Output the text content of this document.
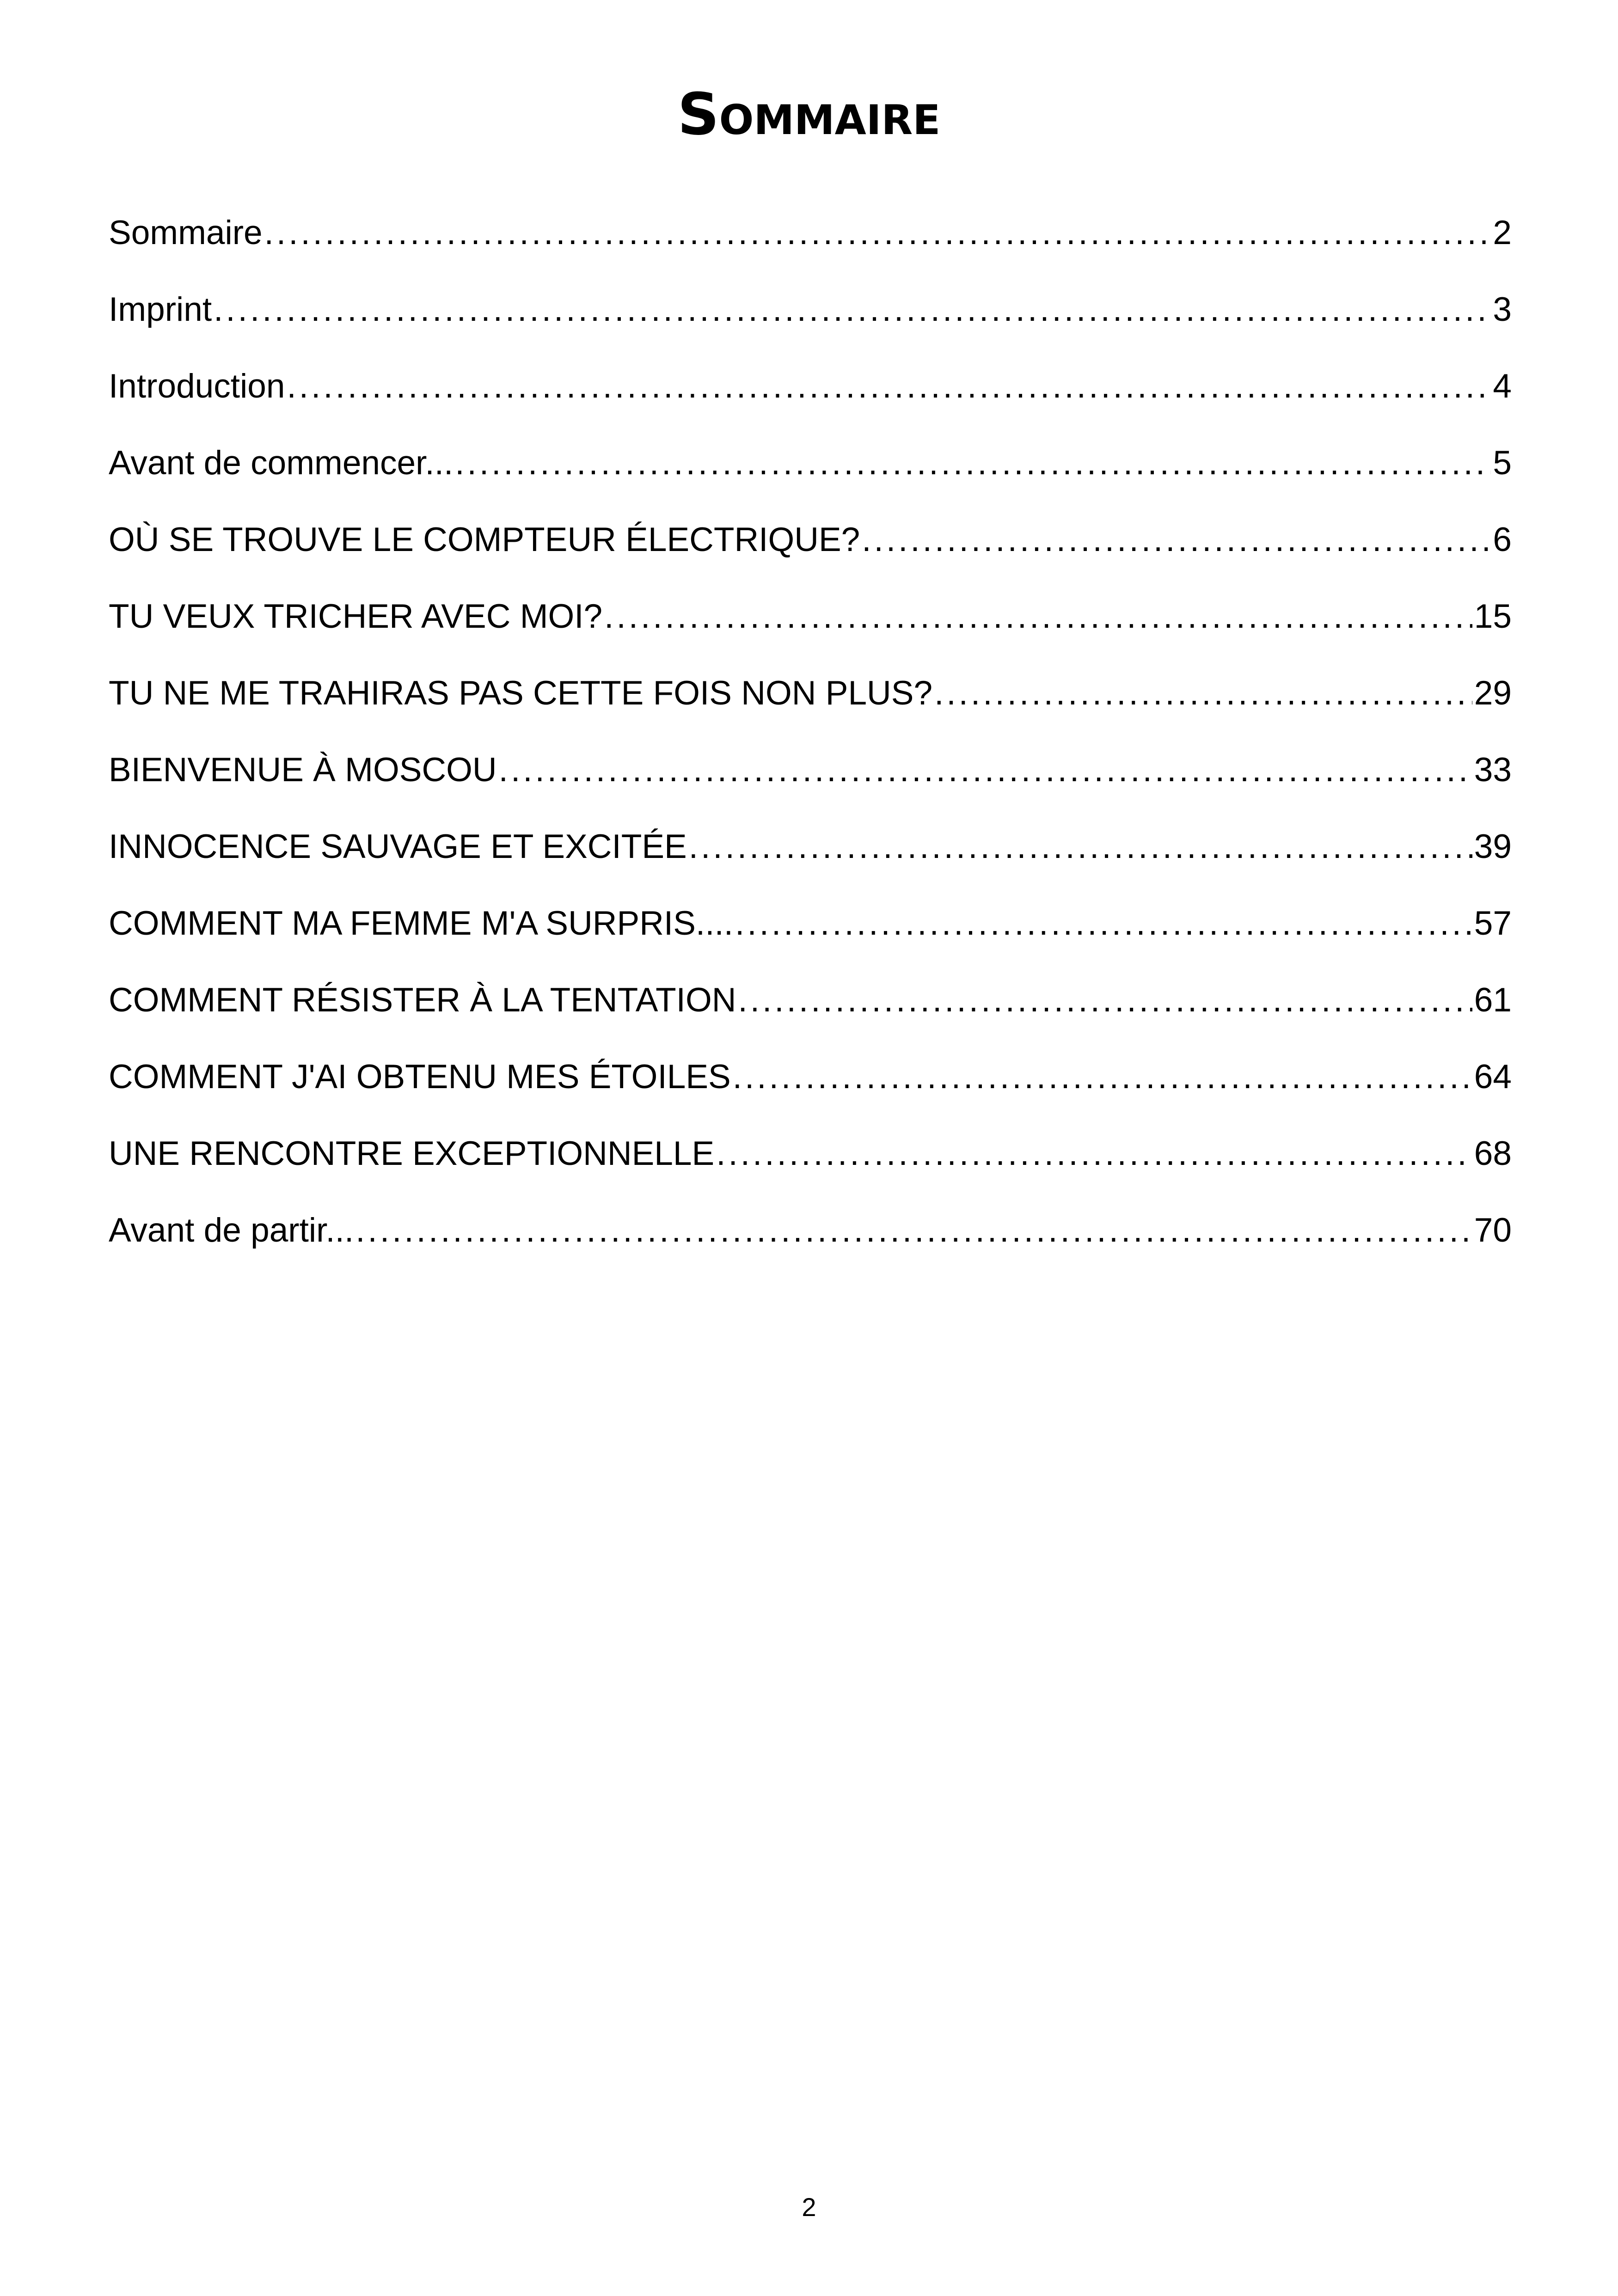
Sommaire
Sommaire .....	2
Imprint .....	3
Introduction .....	4
Avant de commencer... .....	5
OÙ SE TROUVE LE COMPTEUR ÉLECTRIQUE? .....	6
TU VEUX TRICHER AVEC MOI? .....	15
TU NE ME TRAHIRAS PAS CETTE FOIS NON PLUS? .....	29
BIENVENUE À MOSCOU .....	33
INNOCENCE SAUVAGE ET EXCITÉE .....	39
COMMENT MA FEMME M'A SURPRIS.... .....	57
COMMENT RÉSISTER À LA TENTATION .....	61
COMMENT J'AI OBTENU MES ÉTOILES .....	64
UNE RENCONTRE EXCEPTIONNELLE .....	68
Avant de partir... .....	70
2
